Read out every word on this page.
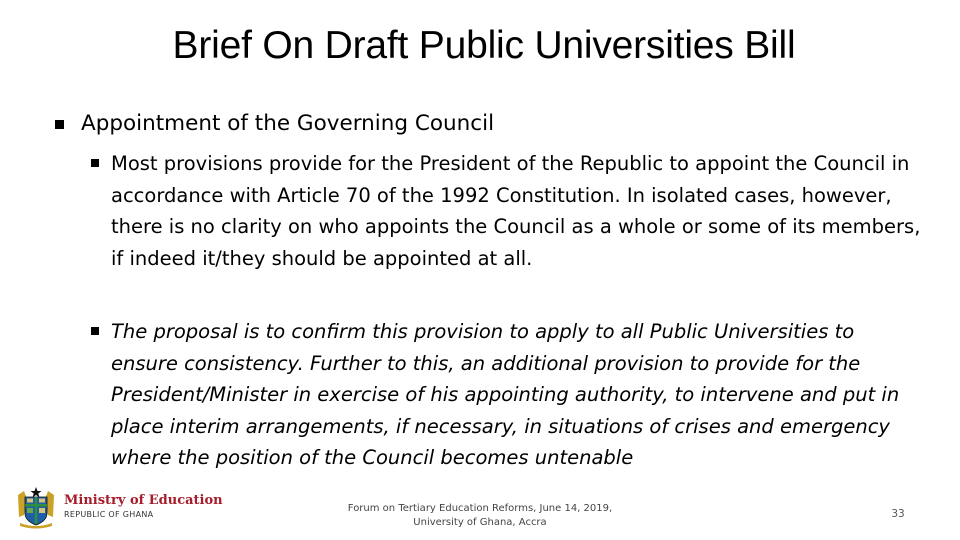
Brief On Draft Public Universities Bill
Appointment of the Governing Council
Most provisions provide for the President of the Republic to appoint the Council in accordance with Article 70 of the 1992 Constitution. In isolated cases, however, there is no clarity on who appoints the Council as a whole or some of its members, if indeed it/they should be appointed at all.
The proposal is to confirm this provision to apply to all Public Universities to ensure consistency. Further to this, an additional provision to provide for the President/Minister in exercise of his appointing authority, to intervene and put in place interim arrangements, if necessary, in situations of crises and emergency where the position of the Council becomes untenable
Ministry of Education
REPUBLIC OF GHANA
Forum on Tertiary Education Reforms, June 14, 2019,
University of Ghana, Accra
33
